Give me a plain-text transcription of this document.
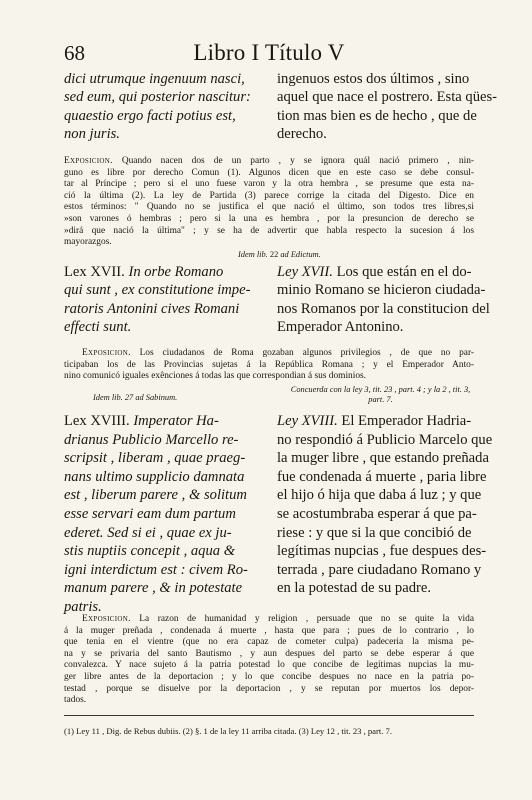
68	Libro I Título V
dici utrumque ingenuum nasci,
sed eum, qui posterior nascitur:
quaestio ergo facti potius est,
non juris.
ingenuos estos dos últimos , sino
aquel que nace el postrero. Esta qües-
tion mas bien es de hecho , que de
derecho.
Exposicion. Quando nacen dos de un parto , y se ignora quál nació primero , nin-
guno es libre por derecho Comun (1). Algunos dicen que en este caso se debe consul-
tar al Príncipe ; pero si el uno fuese varon y la otra hembra , se presume que esta na-
ció la última (2). La ley de Partida (3) parece corrige la citada del Digesto. Dice en
estos términos: " Quando no se justifica el que nació el último, son todos tres libres,si
»son varones ó hembras ; pero si la una es hembra , por la presuncion de derecho se
»dirá que nació la última" ; y se ha de advertir que habla respecto la sucesion á los
mayorazgos.
Idem lib. 22 ad Edictum.
Lex XVII. In orbe Romano
qui sunt , ex constitutione impe-
ratoris Antonini cives Romani
effecti sunt.
Ley XVII. Los que están en el do-
minio Romano se hicieron ciudada-
nos Romanos por la constitucion del
Emperador Antonino.
Exposicion. Los ciudadanos de Roma gozaban algunos privilegios , de que no par-
ticipaban los de las Provincias sujetas á la República Romana ; y el Emperador Anto-
nino comunicó iguales exênciones á todas las que correspondian á sus dominios.
Idem lib. 27 ad Sabinum.
Concuerda con la ley 3, tit. 23 , part. 4 ; y la 2 , tit. 3,
part. 7.
Lex XVIII. Imperator Ha-
drianus Publicio Marcello re-
scripsit , liberam , quae praeg-
nans ultimo supplicio damnata
est , liberum parere , & solitum
esse servari eam dum partum
ederet. Sed si ei , quae ex ju-
stis nuptiis concepit , aqua &
igni interdictum est : civem Ro-
manum parere , & in potestate
patris.
Ley XVIII. El Emperador Hadria-
no respondió á Publicio Marcelo que
la muger libre , que estando preñada
fue condenada á muerte , paria libre
el hijo ó hija que daba á luz ; y que
se acostumbraba esperar á que pa-
riese : y que si la que concibió de
legítimas nupcias , fue despues des-
terrada , pare ciudadano Romano y
en la potestad de su padre.
Exposicion. La razon de humanidad y religion , persuade que no se quite la vida
á la muger preñada , condenada á muerte , hasta que para ; pues de lo contrario , lo
que tenia en el vientre (que no era capaz de cometer culpa) padeceria la misma pe-
na y se privaria del santo Bautismo , y aun despues del parto se debe esperar á que
convalezca. Y nace sujeto á la patria potestad lo que concibe de legítimas nupcias la mu-
ger libre antes de la deportacion ; y lo que concibe despues no nace en la patria po-
testad , porque se disuelve por la deportacion , y se reputan por muertos los depor-
tados.
(1) Ley 11 , Dig. de Rebus dubiis. (2) §. 1 de la ley 11 arriba citada. (3) Ley 12 , tit. 23 , part. 7.
